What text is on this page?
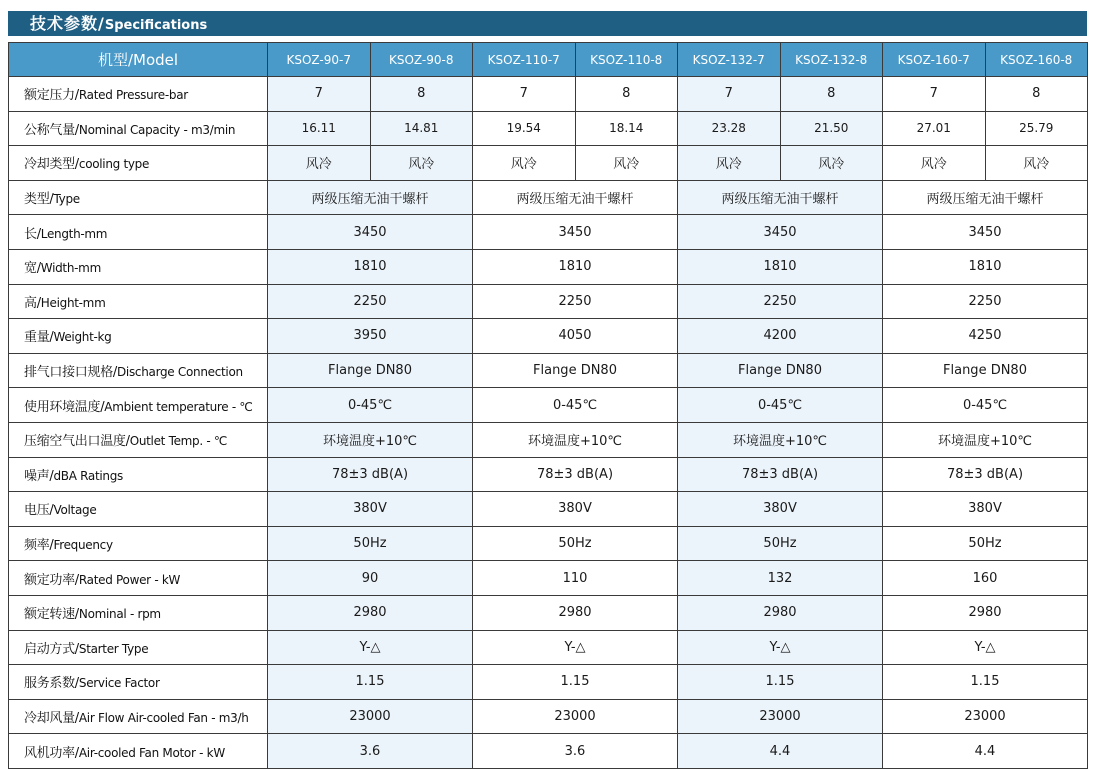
技术参数/Specifications
机型/Model	KSOZ-90-7	KSOZ-90-8	KSOZ-110-7	KSOZ-110-8	KSOZ-132-7	KSOZ-132-8	KSOZ-160-7	KSOZ-160-8
额定压力/Rated Pressure-bar	7	8	7	8	7	8	7	8
公称气量/Nominal Capacity - m3/min	16.11	14.81	19.54	18.14	23.28	21.50	27.01	25.79
冷却类型/cooling type	风冷	风冷	风冷	风冷	风冷	风冷	风冷	风冷
类型/Type	两级压缩无油干螺杆		两级压缩无油干螺杆		两级压缩无油干螺杆		两级压缩无油干螺杆	
长/Length-mm	3450		3450		3450		3450	
宽/Width-mm	1810		1810		1810		1810	
高/Height-mm	2250		2250		2250		2250	
重量/Weight-kg	3950		4050		4200		4250	
排气口接口规格/Discharge Connection	Flange DN80		Flange DN80		Flange DN80		Flange DN80	
使用环境温度/Ambient temperature - ℃	0-45℃		0-45℃		0-45℃		0-45℃	
压缩空气出口温度/Outlet Temp. - ℃	环境温度+10℃		环境温度+10℃		环境温度+10℃		环境温度+10℃	
噪声/dBA Ratings	78±3 dB(A)		78±3 dB(A)		78±3 dB(A)		78±3 dB(A)	
电压/Voltage	380V		380V		380V		380V	
频率/Frequency	50Hz		50Hz		50Hz		50Hz	
额定功率/Rated Power - kW	90		110		132		160	
额定转速/Nominal - rpm	2980		2980		2980		2980	
启动方式/Starter Type	Y-△		Y-△		Y-△		Y-△	
服务系数/Service Factor	1.15		1.15		1.15		1.15	
冷却风量/Air Flow Air-cooled Fan - m3/h	23000		23000		23000		23000	
风机功率/Air-cooled Fan Motor - kW	3.6		3.6		4.4		4.4	
